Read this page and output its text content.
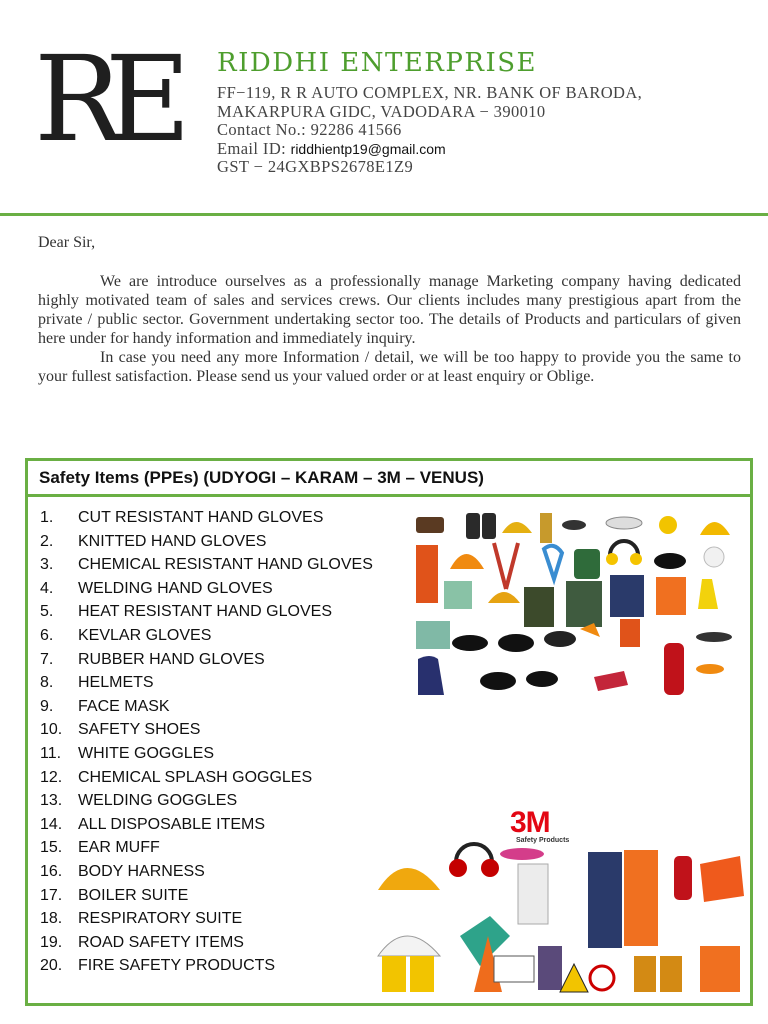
RE RIDDHI ENTERPRISE
FF−119, R R AUTO COMPLEX, NR. BANK OF BARODA,
MAKARPURA GIDC, VADODARA − 390010
Contact No.: 92286 41566
Email ID: riddhientp19@gmail.com
GST − 24GXBPS2678E1Z9
Dear Sir,

We are introduce ourselves as a professionally manage Marketing company having dedicated highly motivated team of sales and services crews. Our clients includes many prestigious apart from the private / public sector. Government undertaking sector too. The details of Products and particulars of given here under for handy information and immediately inquiry.

In case you need any more Information / detail, we will be too happy to provide you the same to your fullest satisfaction. Please send us your valued order or at least enquiry or Oblige.

Safety Items (PPEs) (UDYOGI – KARAM – 3M – VENUS)
1. CUT RESISTANT HAND GLOVES
2. KNITTED HAND GLOVES
3. CHEMICAL RESISTANT HAND GLOVES
4. WELDING HAND GLOVES
5. HEAT RESISTANT HAND GLOVES
6. KEVLAR GLOVES
7. RUBBER HAND GLOVES
8. HELMETS
9. FACE MASK
10. SAFETY SHOES
11. WHITE GOGGLES
12. CHEMICAL SPLASH GOGGLES
13. WELDING GOGGLES
14. ALL DISPOSABLE ITEMS
15. EAR MUFF
16. BODY HARNESS
17. BOILER SUITE
18. RESPIRATORY SUITE
19. ROAD SAFETY ITEMS
20. FIRE SAFETY PRODUCTS
3M
Safety Products
